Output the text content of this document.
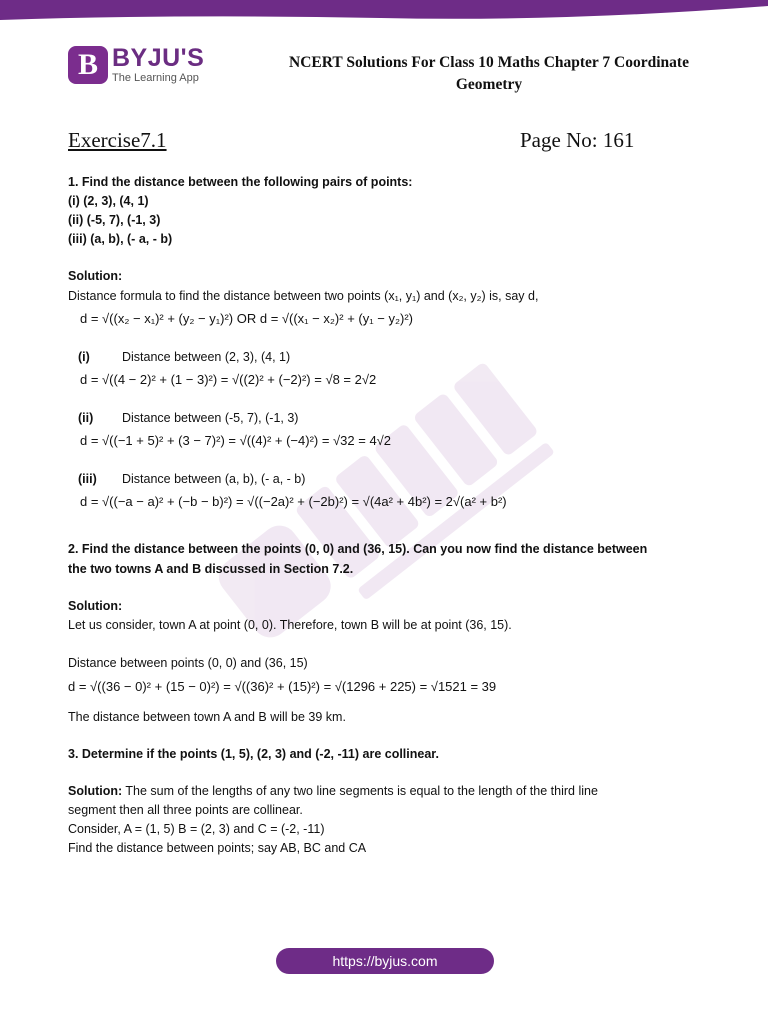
B BYJU'S
The Learning App
NCERT Solutions For Class 10 Maths Chapter 7 Coordinate
Geometry
Exercise7.1	Page No: 161
1. Find the distance between the following pairs of points:
(i) (2, 3), (4, 1)
(ii) (-5, 7), (-1, 3)
(iii) (a, b), (- a, - b)
Solution:
Distance formula to find the distance between two points (x₁, y₁) and (x₂, y₂) is, say d,
d = √((x₂ − x₁)² + (y₂ − y₁)²) OR d = √((x₁ − x₂)² + (y₁ − y₂)²)
(i)	Distance between (2, 3), (4, 1)
d = √((4 − 2)² + (1 − 3)²) = √((2)² + (−2)²) = √8 = 2√2
(ii) Distance between (-5, 7), (-1, 3)
d = √((−1 + 5)² + (3 − 7)²) = √((4)² + (−4)²) = √32 = 4√2
(iii) Distance between (a, b), (- a, - b)
d = √((−a − a)² + (−b − b)²) = √((−2a)² + (−2b)²) = √(4a² + 4b²) = 2√(a² + b²)
2. Find the distance between the points (0, 0) and (36, 15). Can you now find the distance between
the two towns A and B discussed in Section 7.2.
Solution:
Let us consider, town A at point (0, 0). Therefore, town B will be at point (36, 15).
Distance between points (0, 0) and (36, 15)
d = √((36 − 0)² + (15 − 0)²) = √((36)² + (15)²) = √(1296 + 225) = √1521 = 39
The distance between town A and B will be 39 km.
3. Determine if the points (1, 5), (2, 3) and (-2, -11) are collinear.
Solution: The sum of the lengths of any two line segments is equal to the length of the third line
segment then all three points are collinear.
Consider, A = (1, 5) B = (2, 3) and C = (-2, -11)
Find the distance between points; say AB, BC and CA
https://byjus.com
